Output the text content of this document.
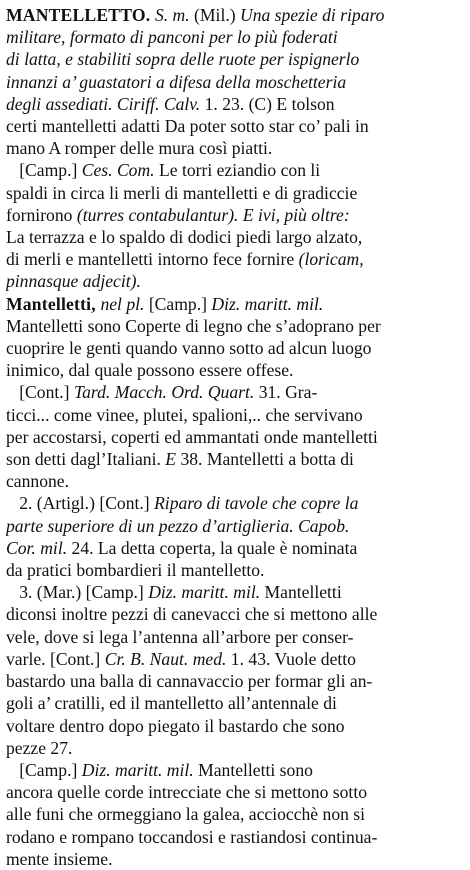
MANTELLETTO. S. m. (Mil.) Una spezie di riparo
militare, formato di panconi per lo più foderati
di latta, e stabiliti sopra delle ruote per ispignerlo
innanzi a’ guastatori a difesa della moschetteria
degli assediati. Ciriff. Calv. 1. 23. (C) E tolson
certi mantelletti adatti Da poter sotto star co’ pali in
mano A romper delle mura così piatti.
[Camp.] Ces. Com. Le torri eziandio con li
spaldi in circa li merli di mantelletti e di gradiccie
fornirono (turres contabulantur). E ivi, più oltre:
La terrazza e lo spaldo di dodici piedi largo alzato,
di merli e mantelletti intorno fece fornire (loricam,
pinnasque adjecit).
Mantelletti, nel pl. [Camp.] Diz. maritt. mil.
Mantelletti sono Coperte di legno che s’adoprano per
cuoprire le genti quando vanno sotto ad alcun luogo
inimico, dal quale possono essere offese.
[Cont.] Tard. Macch. Ord. Quart. 31. Gra-
ticci... come vinee, plutei, spalioni,.. che servivano
per accostarsi, coperti ed ammantati onde mantelletti
son detti dagl’Italiani. E 38. Mantelletti a botta di
cannone.
2. (Artigl.) [Cont.] Riparo di tavole che copre la
parte superiore di un pezzo d’artiglieria. Capob.
Cor. mil. 24. La detta coperta, la quale è nominata
da pratici bombardieri il mantelletto.
3. (Mar.) [Camp.] Diz. maritt. mil. Mantelletti
diconsi inoltre pezzi di canevacci che si mettono alle
vele, dove si lega l’antenna all’arbore per conser-
varle. [Cont.] Cr. B. Naut. med. 1. 43. Vuole detto
bastardo una balla di cannavaccio per formar gli an-
goli a’ cratilli, ed il mantelletto all’antennale di
voltare dentro dopo piegato il bastardo che sono
pezze 27.
[Camp.] Diz. maritt. mil. Mantelletti sono
ancora quelle corde intrecciate che si mettono sotto
alle funi che ormeggiano la galea, acciocchè non si
rodano e rompano toccandosi e rastiandosi continua-
mente insieme.
